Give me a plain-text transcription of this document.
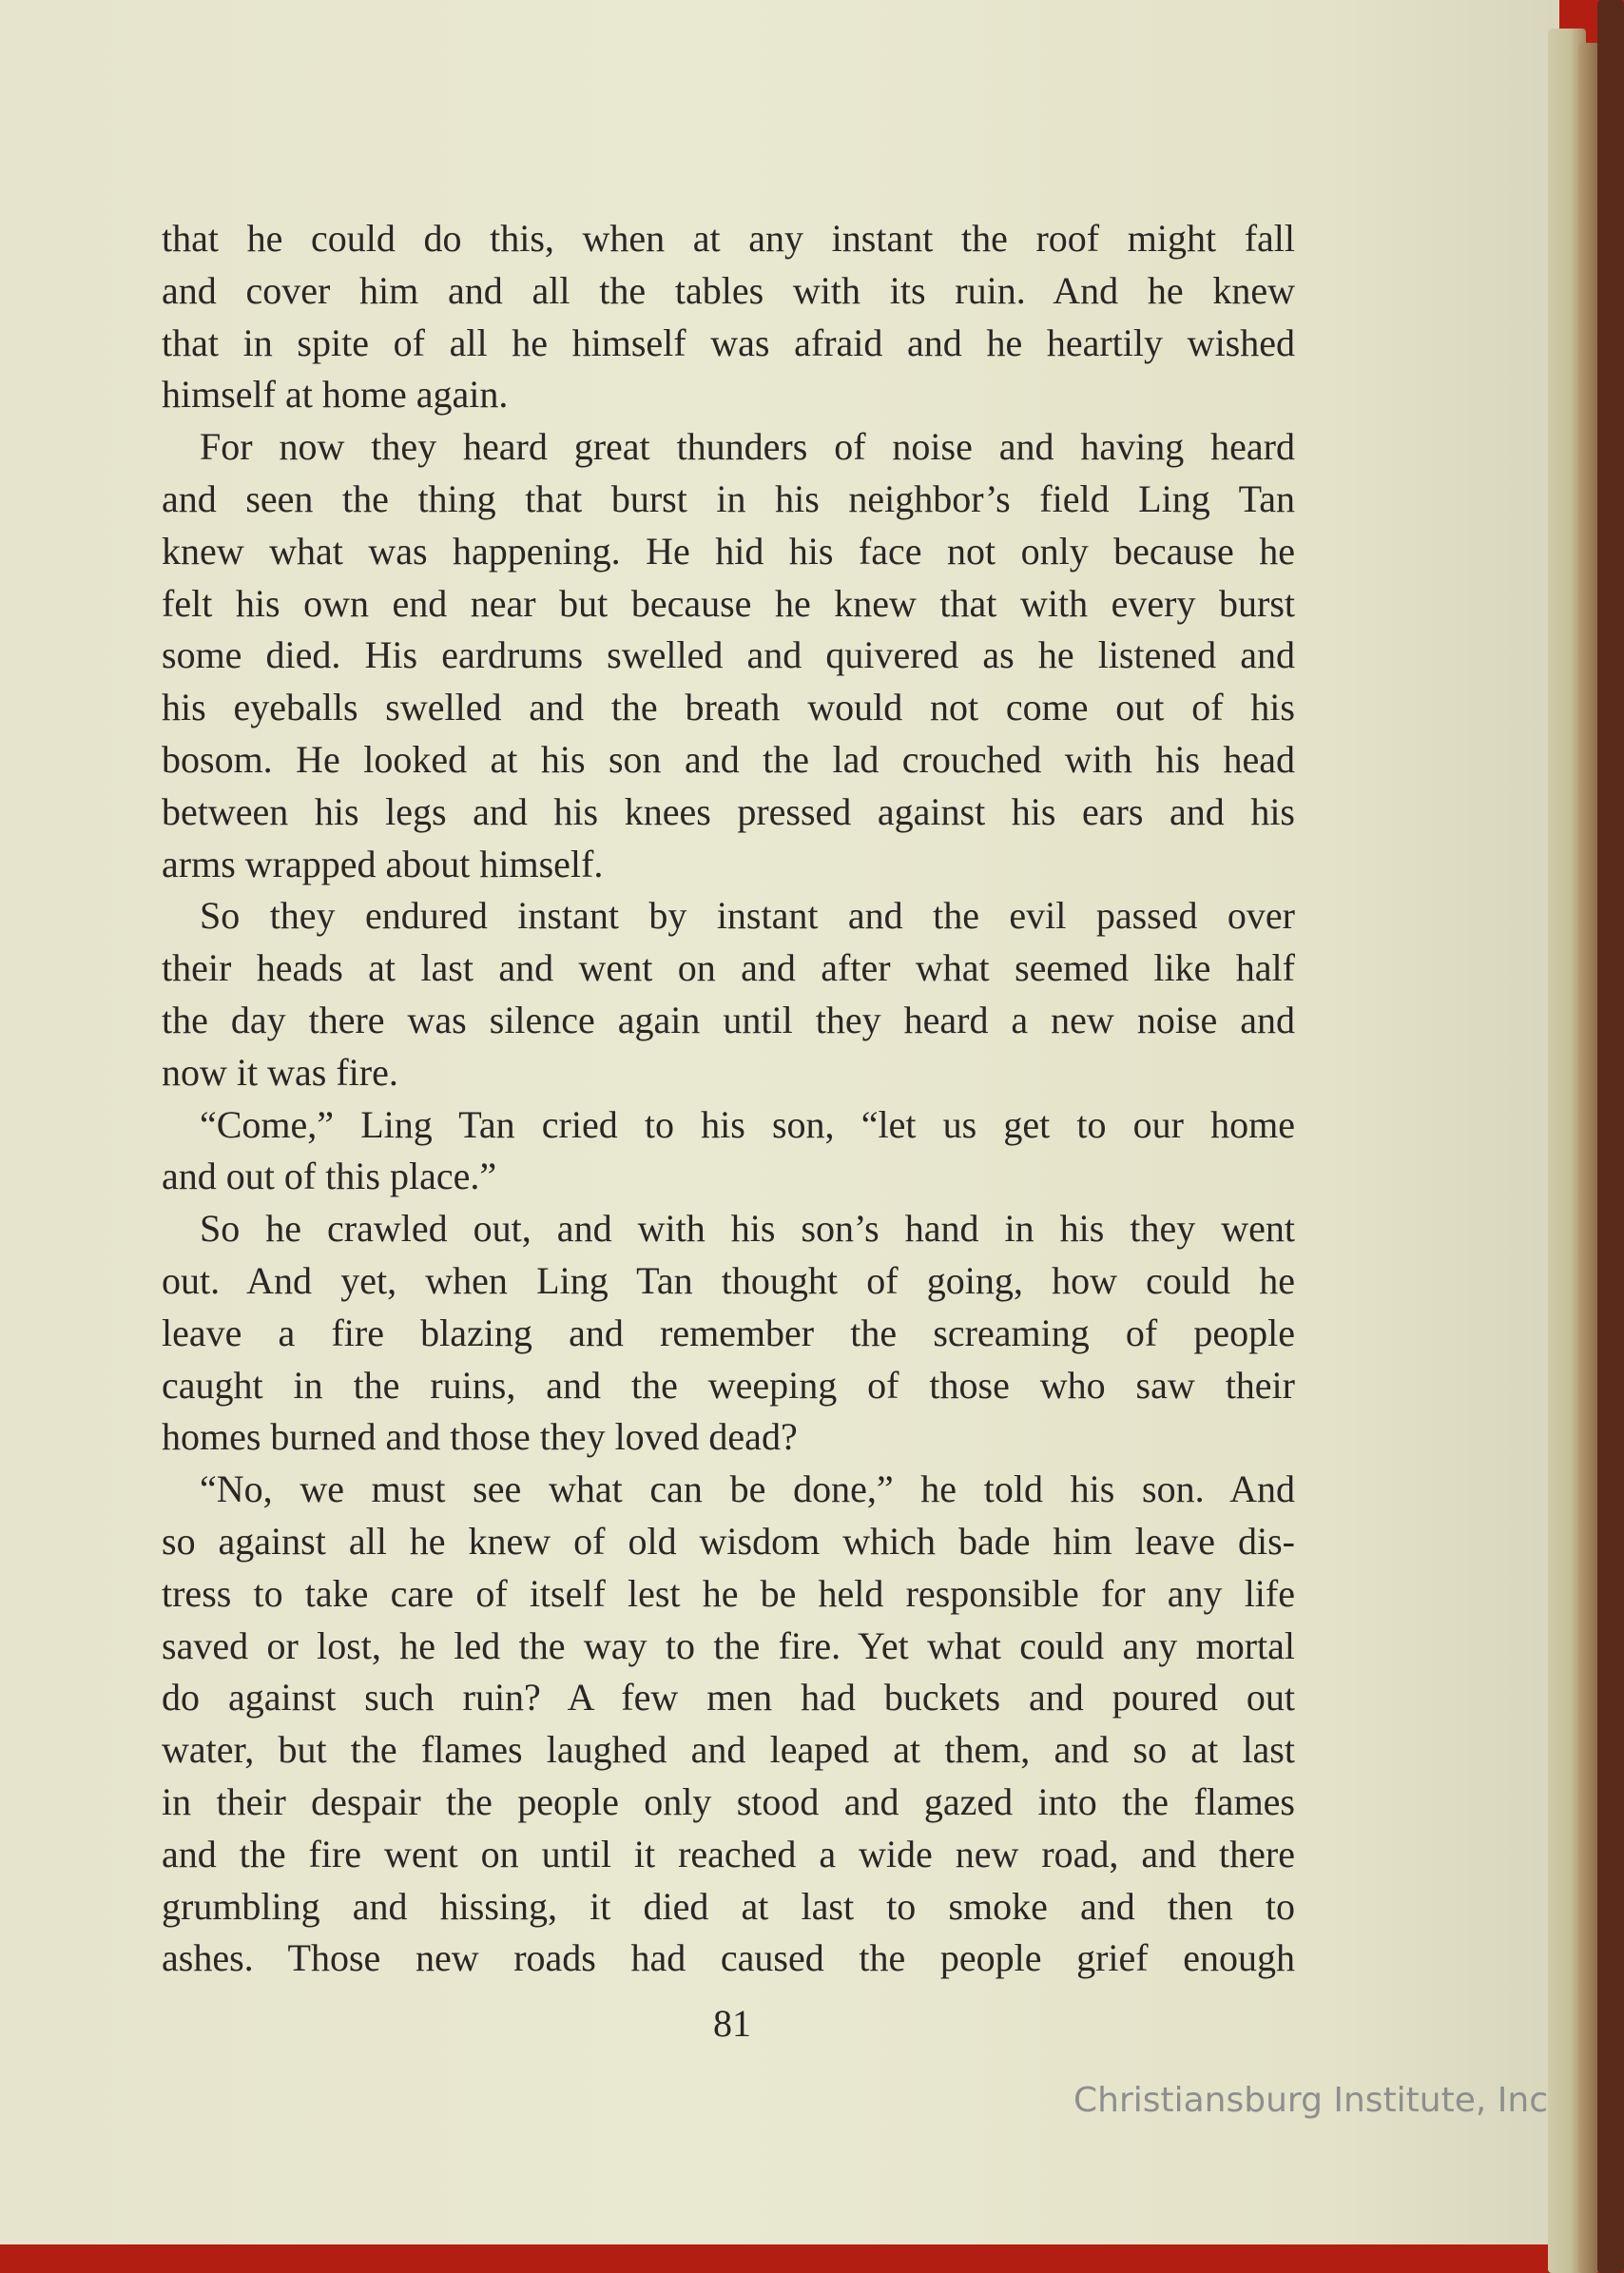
that he could do this, when at any instant the roof might fall
and cover him and all the tables with its ruin. And he knew
that in spite of all he himself was afraid and he heartily wished
himself at home again.
For now they heard great thunders of noise and having heard
and seen the thing that burst in his neighbor’s field Ling Tan
knew what was happening. He hid his face not only because he
felt his own end near but because he knew that with every burst
some died. His eardrums swelled and quivered as he listened and
his eyeballs swelled and the breath would not come out of his
bosom. He looked at his son and the lad crouched with his head
between his legs and his knees pressed against his ears and his
arms wrapped about himself.
So they endured instant by instant and the evil passed over
their heads at last and went on and after what seemed like half
the day there was silence again until they heard a new noise and
now it was fire.
“Come,” Ling Tan cried to his son, “let us get to our home
and out of this place.”
So he crawled out, and with his son’s hand in his they went
out. And yet, when Ling Tan thought of going, how could he
leave a fire blazing and remember the screaming of people
caught in the ruins, and the weeping of those who saw their
homes burned and those they loved dead?
“No, we must see what can be done,” he told his son. And
so against all he knew of old wisdom which bade him leave dis-
tress to take care of itself lest he be held responsible for any life
saved or lost, he led the way to the fire. Yet what could any mortal
do against such ruin? A few men had buckets and poured out
water, but the flames laughed and leaped at them, and so at last
in their despair the people only stood and gazed into the flames
and the fire went on until it reached a wide new road, and there
grumbling and hissing, it died at last to smoke and then to
ashes. Those new roads had caused the people grief enough
81
Christiansburg Institute, Inc
